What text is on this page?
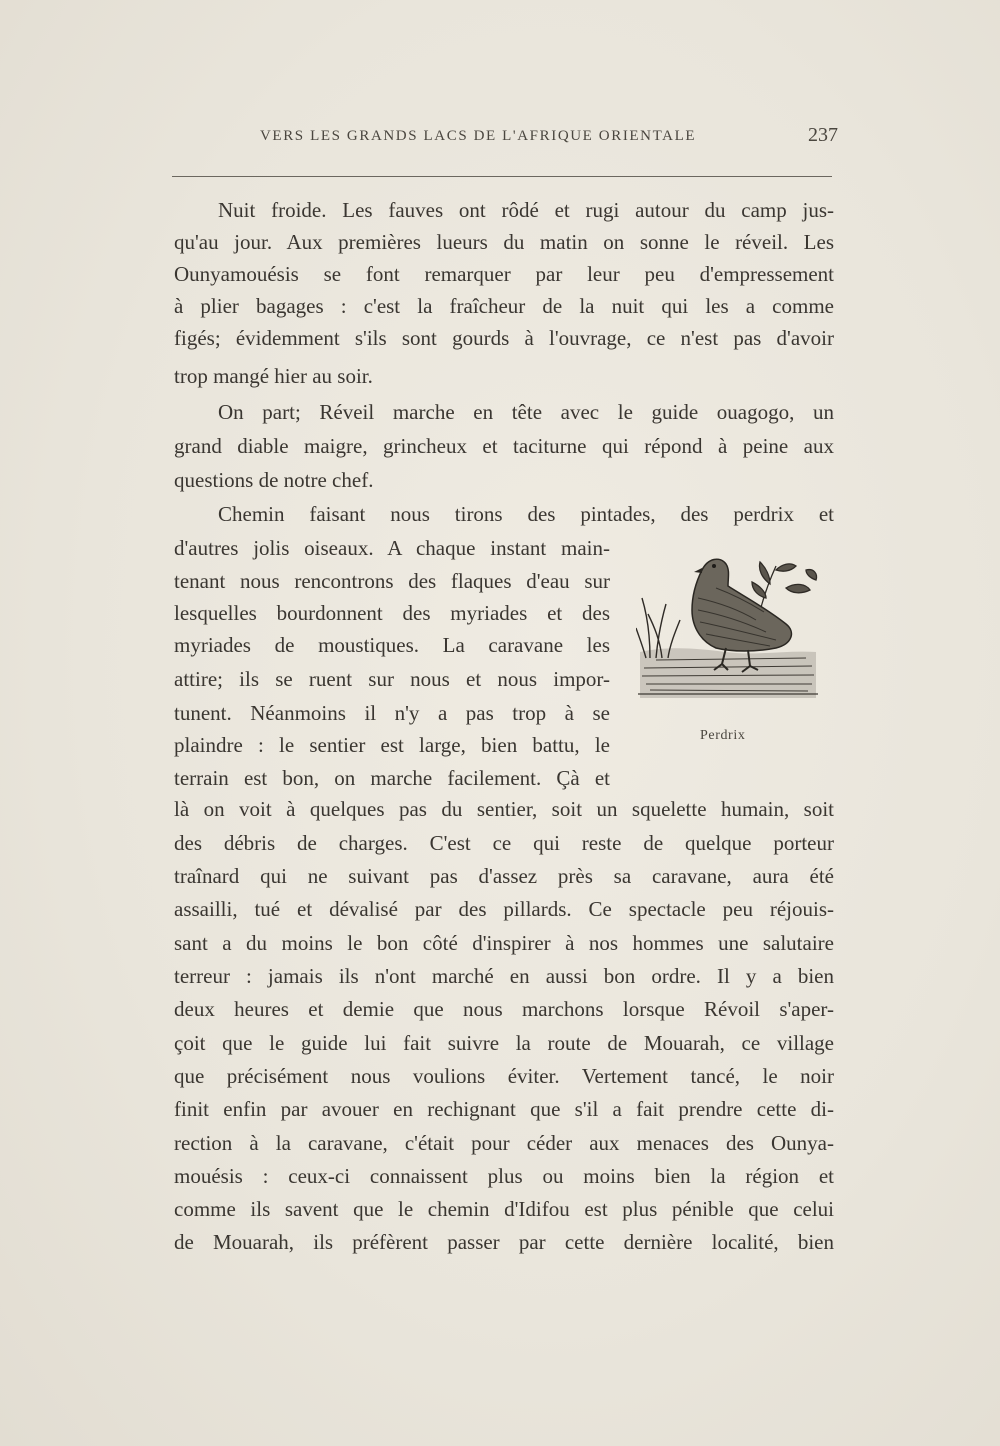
VERS LES GRANDS LACS DE L'AFRIQUE ORIENTALE	237
Nuit froide. Les fauves ont rôdé et rugi autour du camp jus-
qu'au jour. Aux premières lueurs du matin on sonne le réveil. Les
Ounyamouésis se font remarquer par leur peu d'empressement
à plier bagages : c'est la fraîcheur de la nuit qui les a comme
figés; évidemment s'ils sont gourds à l'ouvrage, ce n'est pas d'avoir
trop mangé hier au soir.
On part; Réveil marche en tête avec le guide ouagogo, un
grand diable maigre, grincheux et taciturne qui répond à peine aux
questions de notre chef.
Chemin faisant nous tirons des pintades, des perdrix et
d'autres jolis oiseaux. A chaque instant main-
tenant nous rencontrons des flaques d'eau sur
lesquelles bourdonnent des myriades et des
myriades de moustiques. La caravane les
attire; ils se ruent sur nous et nous impor-
tunent. Néanmoins il n'y a pas trop à se
plaindre : le sentier est large, bien battu, le
terrain est bon, on marche facilement. Çà et
là on voit à quelques pas du sentier, soit un squelette humain, soit
des débris de charges. C'est ce qui reste de quelque porteur
traînard qui ne suivant pas d'assez près sa caravane, aura été
assailli, tué et dévalisé par des pillards. Ce spectacle peu réjouis-
sant a du moins le bon côté d'inspirer à nos hommes une salutaire
terreur : jamais ils n'ont marché en aussi bon ordre. Il y a bien
deux heures et demie que nous marchons lorsque Révoil s'aper-
çoit que le guide lui fait suivre la route de Mouarah, ce village
que précisément nous voulions éviter. Vertement tancé, le noir
finit enfin par avouer en rechignant que s'il a fait prendre cette di-
rection à la caravane, c'était pour céder aux menaces des Ounya-
mouésis : ceux-ci connaissent plus ou moins bien la région et
comme ils savent que le chemin d'Idifou est plus pénible que celui
de Mouarah, ils préfèrent passer par cette dernière localité, bien
Perdrix
